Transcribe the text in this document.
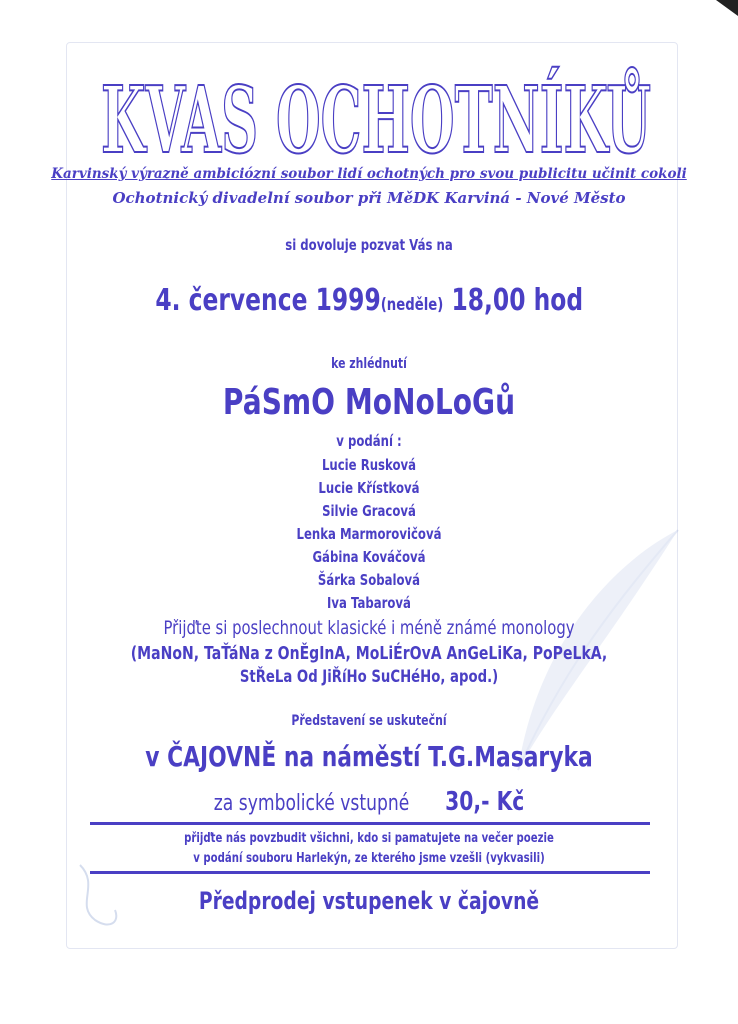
KVAS OCHOTNÍKŮ
Karvinský výrazně ambiciózní soubor lidí ochotných pro svou publicitu učinit cokoli
Ochotnický divadelní soubor při MěDK Karviná - Nové Město
si dovoluje pozvat Vás na
4. července 1999(neděle) 18,00 hod
ke zhlédnutí
PáSmO MoNoLoGů
v podání :
Lucie Rusková
Lucie Křístková
Silvie Gracová
Lenka Marmorovičová
Gábina Kováčová
Šárka Sobalová
Iva Tabarová
Přijďte si poslechnout klasické i méně známé monology
(MaNoN, TaŤáNa z OnĚgInA, MoLiÉrOvA AnGeLiKa, PoPeLkA,
StŘeLa Od JiŘíHo SuCHéHo, apod.)
Představení se uskuteční
v ČAJOVNĚ na náměstí T.G.Masaryka
za symbolické vstupné 30,- Kč
přijďte nás povzbudit všichni, kdo si pamatujete na večer poezie
v podání souboru Harlekýn, ze kterého jsme vzešli (vykvasili)
Předprodej vstupenek v čajovně
